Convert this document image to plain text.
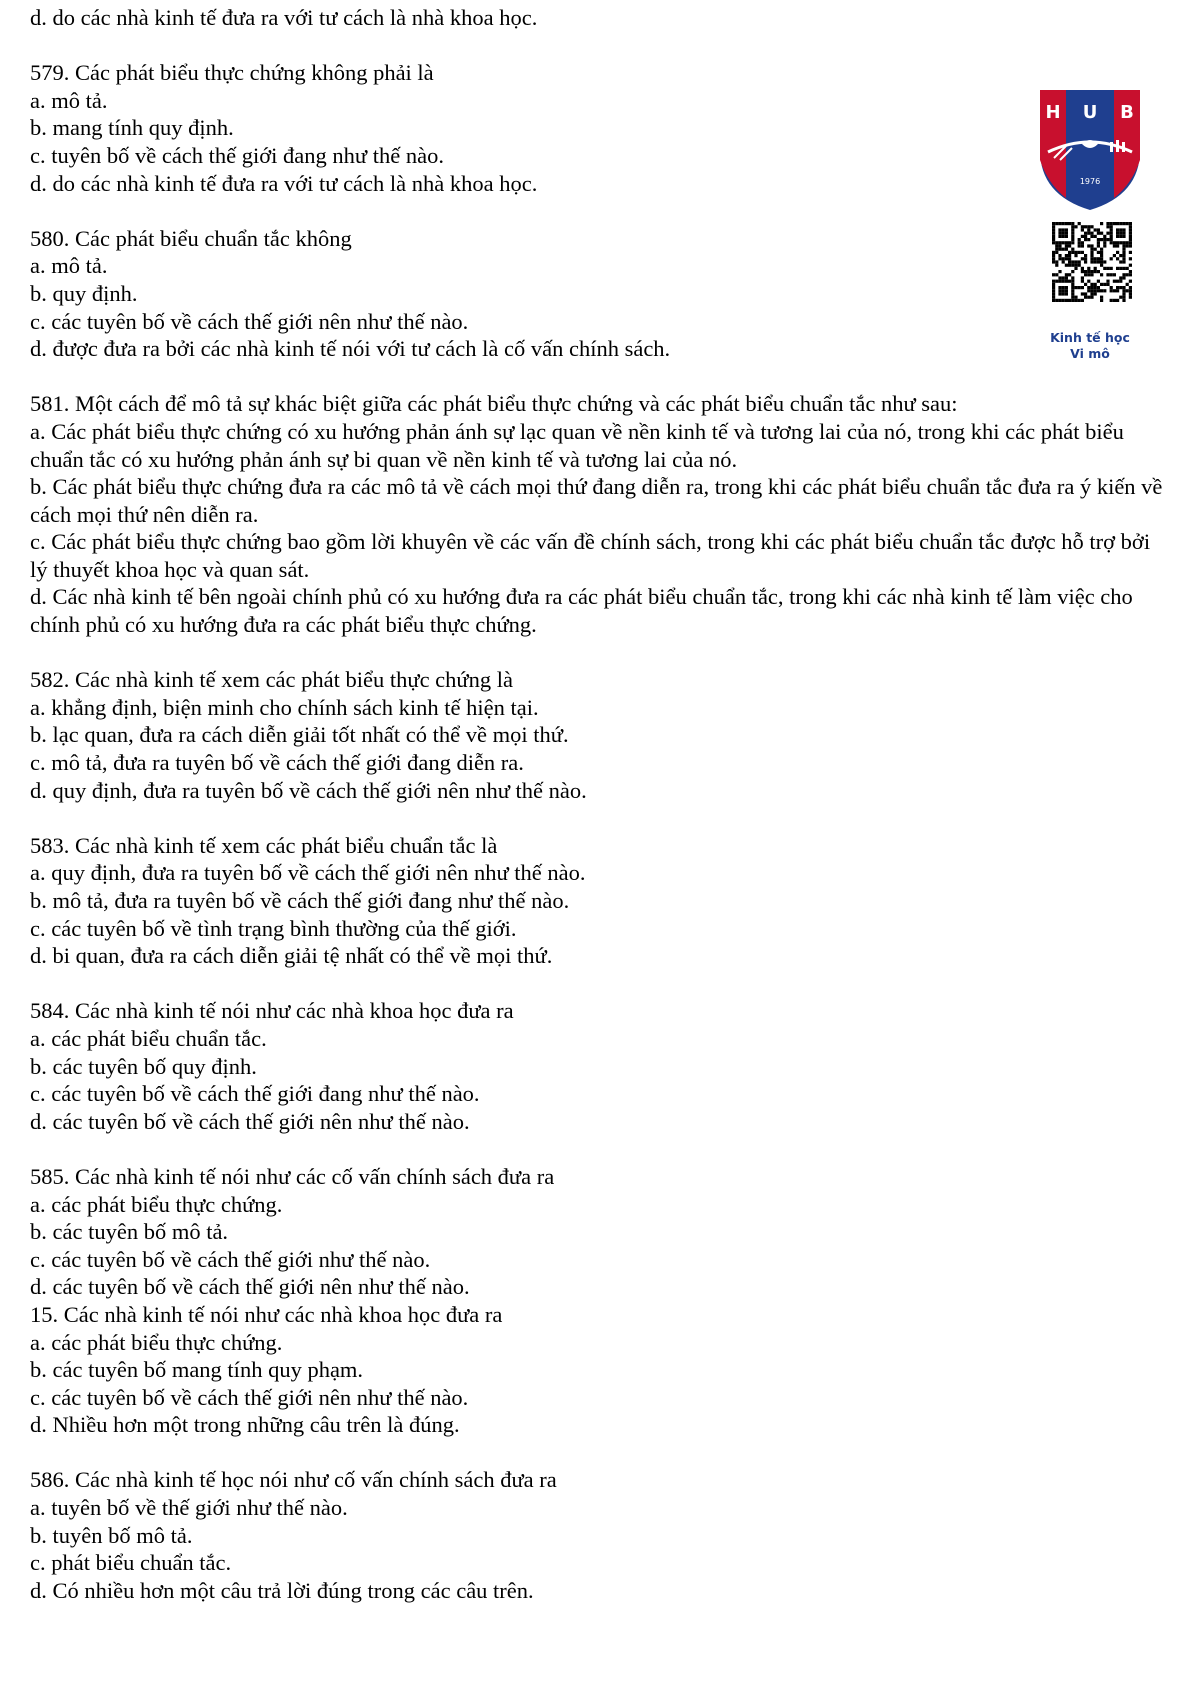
d. do các nhà kinh tế đưa ra với tư cách là nhà khoa học.
579. Các phát biểu thực chứng không phải là
a. mô tả.
b. mang tính quy định.
c. tuyên bố về cách thế giới đang như thế nào.
d. do các nhà kinh tế đưa ra với tư cách là nhà khoa học.
580. Các phát biểu chuẩn tắc không
a. mô tả.
b. quy định.
c. các tuyên bố về cách thế giới nên như thế nào.
d. được đưa ra bởi các nhà kinh tế nói với tư cách là cố vấn chính sách.
581. Một cách để mô tả sự khác biệt giữa các phát biểu thực chứng và các phát biểu chuẩn tắc như sau:
a. Các phát biểu thực chứng có xu hướng phản ánh sự lạc quan về nền kinh tế và tương lai của nó, trong khi các phát biểu chuẩn tắc có xu hướng phản ánh sự bi quan về nền kinh tế và tương lai của nó.
b. Các phát biểu thực chứng đưa ra các mô tả về cách mọi thứ đang diễn ra, trong khi các phát biểu chuẩn tắc đưa ra ý kiến về cách mọi thứ nên diễn ra.
c. Các phát biểu thực chứng bao gồm lời khuyên về các vấn đề chính sách, trong khi các phát biểu chuẩn tắc được hỗ trợ bởi lý thuyết khoa học và quan sát.
d. Các nhà kinh tế bên ngoài chính phủ có xu hướng đưa ra các phát biểu chuẩn tắc, trong khi các nhà kinh tế làm việc cho chính phủ có xu hướng đưa ra các phát biểu thực chứng.
582. Các nhà kinh tế xem các phát biểu thực chứng là
a. khẳng định, biện minh cho chính sách kinh tế hiện tại.
b. lạc quan, đưa ra cách diễn giải tốt nhất có thể về mọi thứ.
c. mô tả, đưa ra tuyên bố về cách thế giới đang diễn ra.
d. quy định, đưa ra tuyên bố về cách thế giới nên như thế nào.
583. Các nhà kinh tế xem các phát biểu chuẩn tắc là
a. quy định, đưa ra tuyên bố về cách thế giới nên như thế nào.
b. mô tả, đưa ra tuyên bố về cách thế giới đang như thế nào.
c. các tuyên bố về tình trạng bình thường của thế giới.
d. bi quan, đưa ra cách diễn giải tệ nhất có thể về mọi thứ.
584. Các nhà kinh tế nói như các nhà khoa học đưa ra
a. các phát biểu chuẩn tắc.
b. các tuyên bố quy định.
c. các tuyên bố về cách thế giới đang như thế nào.
d. các tuyên bố về cách thế giới nên như thế nào.
585. Các nhà kinh tế nói như các cố vấn chính sách đưa ra
a. các phát biểu thực chứng.
b. các tuyên bố mô tả.
c. các tuyên bố về cách thế giới như thế nào.
d. các tuyên bố về cách thế giới nên như thế nào.
15. Các nhà kinh tế nói như các nhà khoa học đưa ra
a. các phát biểu thực chứng.
b. các tuyên bố mang tính quy phạm.
c. các tuyên bố về cách thế giới nên như thế nào.
d. Nhiều hơn một trong những câu trên là đúng.
586. Các nhà kinh tế học nói như cố vấn chính sách đưa ra
a. tuyên bố về thế giới như thế nào.
b. tuyên bố mô tả.
c. phát biểu chuẩn tắc.
d. Có nhiều hơn một câu trả lời đúng trong các câu trên.
H U B
1976
Kinh tế học
Vi mô
